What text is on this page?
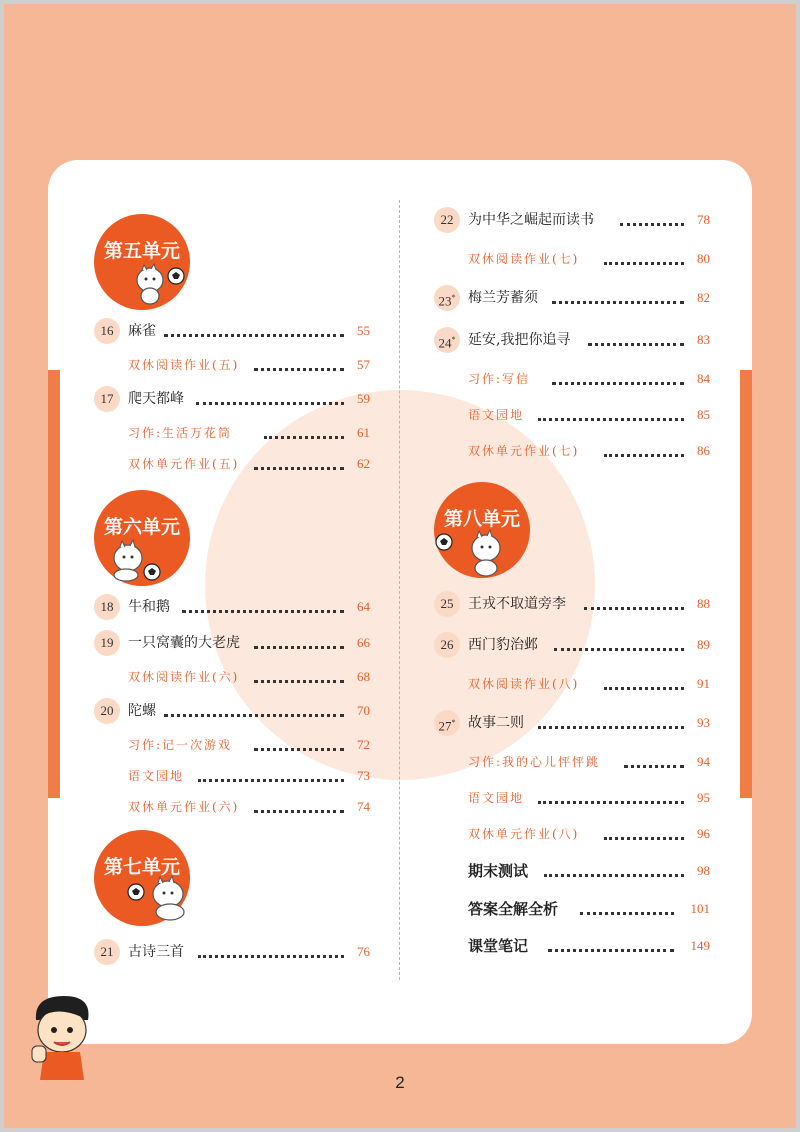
第五单元
第六单元
第七单元
第八单元
16	麻雀	55
双休阅读作业(五)	57
17	爬天都峰	59
习作:生活万花筒	61
双休单元作业(五)	62
18	牛和鹅	64
19	一只窝囊的大老虎	66
双休阅读作业(六)	68
20	陀螺	70
习作:记一次游戏	72
语文园地	73
双休单元作业(六)	74
21	古诗三首	76
22	为中华之崛起而读书	78
双休阅读作业(七)	80
23* 梅兰芳蓄须	82
24* 延安,我把你追寻	83
习作:写信	84
语文园地	85
双休单元作业(七)	86
25	王戎不取道旁李	88
26	西门豹治邺	89
双休阅读作业(八)	91
27* 故事二则	93
习作:我的心儿怦怦跳	94
语文园地	95
双休单元作业(八)	96
期末测试	98
答案全解全析	101
课堂笔记	149
2
